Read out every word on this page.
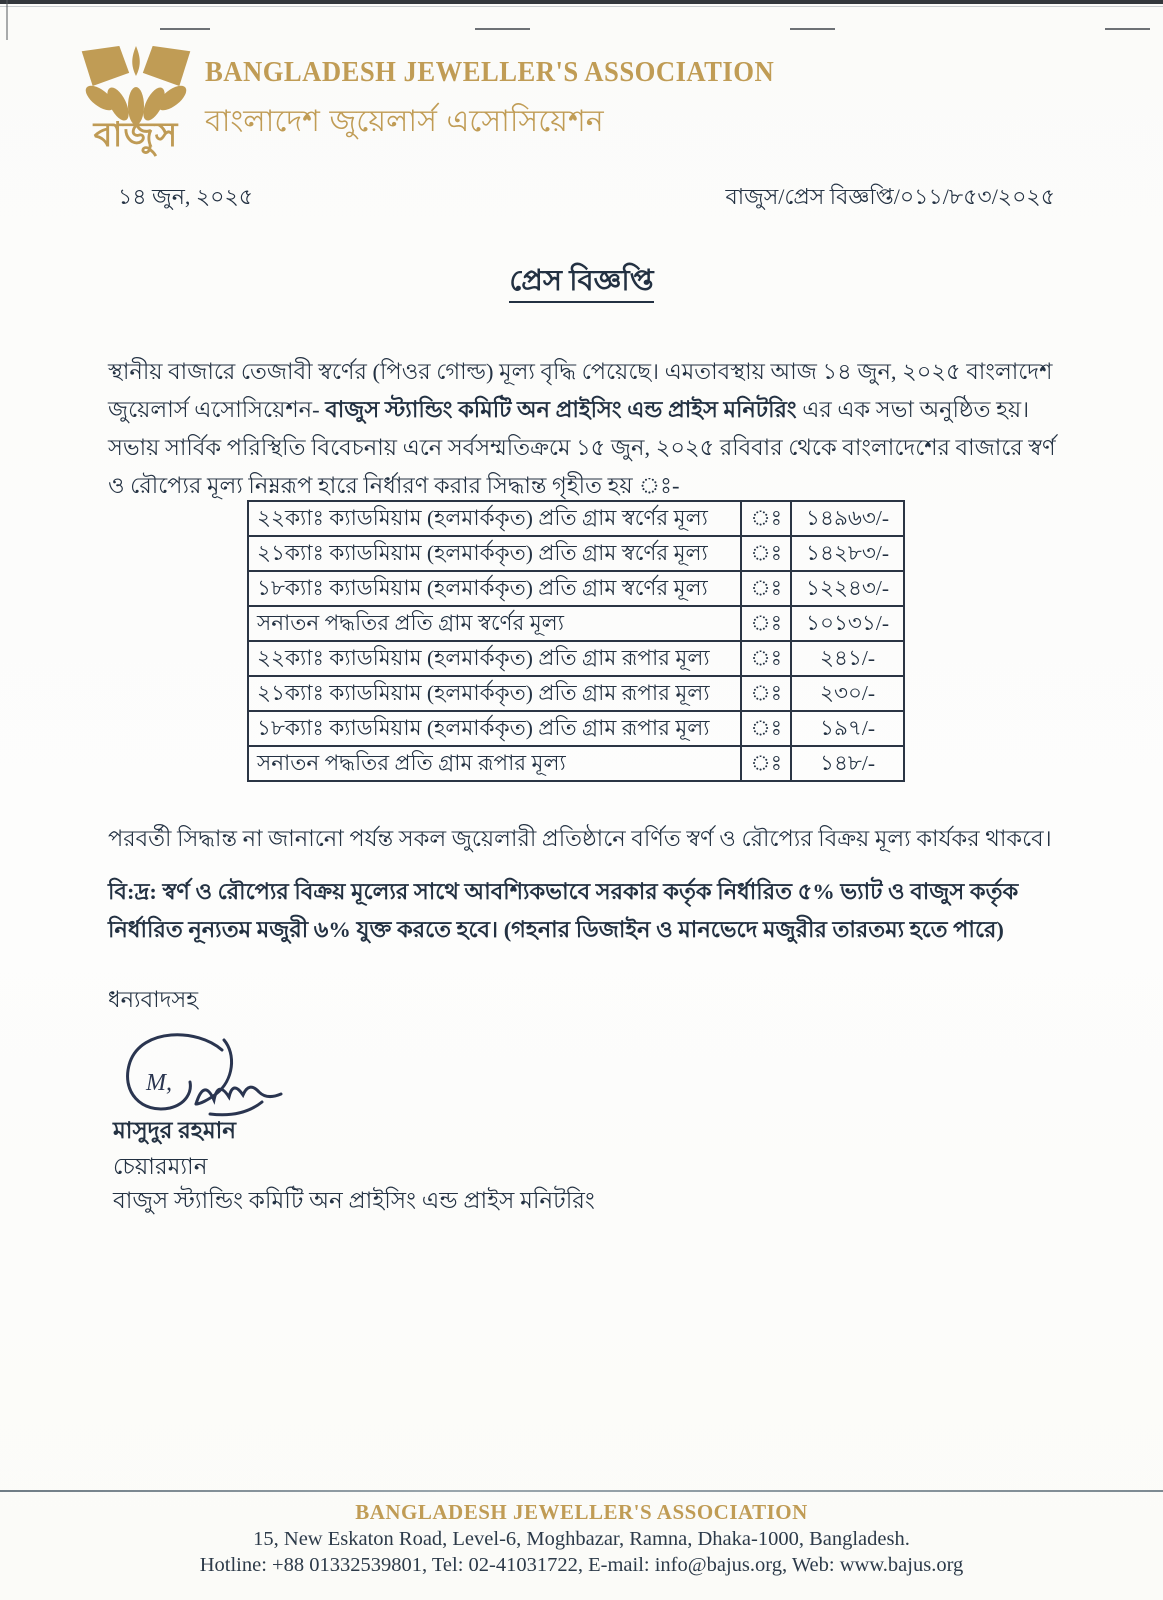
বাজুস
BANGLADESH JEWELLER'S ASSOCIATION
বাংলাদেশ জুয়েলার্স এসোসিয়েশন
১৪ জুন, ২০২৫	বাজুস/প্রেস বিজ্ঞপ্তি/০১১/৮৫৩/২০২৫
প্রেস বিজ্ঞপ্তি

স্থানীয় বাজারে তেজাবী স্বর্ণের (পিওর গোল্ড) মূল্য বৃদ্ধি পেয়েছে। এমতাবস্থায় আজ ১৪ জুন, ২০২৫ বাংলাদেশ জুয়েলার্স এসোসিয়েশন- বাজুস স্ট্যান্ডিং কমিটি অন প্রাইসিং এন্ড প্রাইস মনিটরিং এর এক সভা অনুষ্ঠিত হয়।

সভায় সার্বিক পরিস্থিতি বিবেচনায় এনে সর্বসম্মতিক্রমে ১৫ জুন, ২০২৫ রবিবার থেকে বাংলাদেশের বাজারে স্বর্ণ ও রৌপ্যের মূল্য নিম্নরূপ হারে নির্ধারণ করার সিদ্ধান্ত গৃহীত হয় ঃ-

২২ক্যাঃ ক্যাডমিয়াম (হলমার্ককৃত) প্রতি গ্রাম স্বর্ণের মূল্য	ঃ	১৪৯৬৩/-
২১ক্যাঃ ক্যাডমিয়াম (হলমার্ককৃত) প্রতি গ্রাম স্বর্ণের মূল্য	ঃ	১৪২৮৩/-
১৮ক্যাঃ ক্যাডমিয়াম (হলমার্ককৃত) প্রতি গ্রাম স্বর্ণের মূল্য	ঃ	১২২৪৩/-
সনাতন পদ্ধতির প্রতি গ্রাম স্বর্ণের মূল্য	ঃ	১০১৩১/-
২২ক্যাঃ ক্যাডমিয়াম (হলমার্ককৃত) প্রতি গ্রাম রূপার মূল্য	ঃ	২৪১/-
২১ক্যাঃ ক্যাডমিয়াম (হলমার্ককৃত) প্রতি গ্রাম রূপার মূল্য	ঃ	২৩০/-
১৮ক্যাঃ ক্যাডমিয়াম (হলমার্ককৃত) প্রতি গ্রাম রূপার মূল্য	ঃ	১৯৭/-
সনাতন পদ্ধতির প্রতি গ্রাম রূপার মূল্য	ঃ	১৪৮/-

পরবর্তী সিদ্ধান্ত না জানানো পর্যন্ত সকল জুয়েলারী প্রতিষ্ঠানে বর্ণিত স্বর্ণ ও রৌপ্যের বিক্রয় মূল্য কার্যকর থাকবে।

বি:দ্র: স্বর্ণ ও রৌপ্যের বিক্রয় মূল্যের সাথে আবশ্যিকভাবে সরকার কর্তৃক নির্ধারিত ৫% ভ্যাট ও বাজুস কর্তৃক নির্ধারিত নূন্যতম মজুরী ৬% যুক্ত করতে হবে। (গহনার ডিজাইন ও মানভেদে মজুরীর তারতম্য হতে পারে)

ধন্যবাদসহ

M,
মাসুদুর রহমান
চেয়ারম্যান
বাজুস স্ট্যান্ডিং কমিটি অন প্রাইসিং এন্ড প্রাইস মনিটরিং
BANGLADESH JEWELLER'S ASSOCIATION
15, New Eskaton Road, Level-6, Moghbazar, Ramna, Dhaka-1000, Bangladesh.
Hotline: +88 01332539801, Tel: 02-41031722, E-mail: info@bajus.org, Web: www.bajus.org
